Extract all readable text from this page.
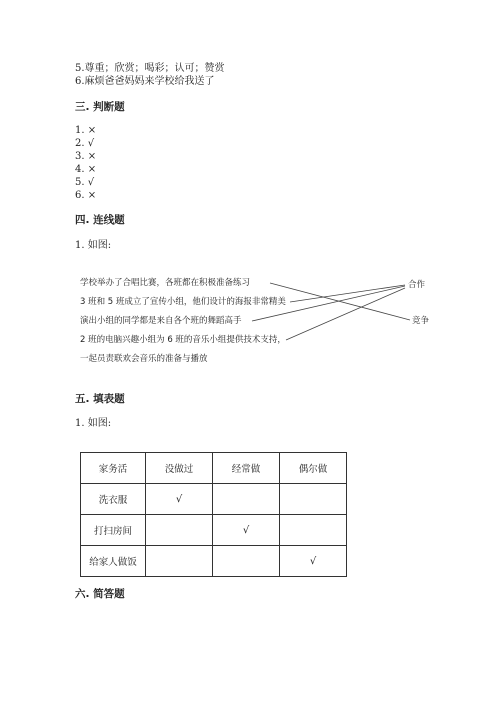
5.尊重；欣赏；喝彩；认可；赞赏
6.麻烦爸爸妈妈来学校给我送了
三. 判断题
1. ×
2. √
3. ×
4. ×
5. √
6. ×
四. 连线题
1. 如图:
学校举办了合唱比赛，各班都在积极准备练习
3 班和 5 班成立了宣传小组，他们设计的海报非常精美
演出小组的同学都是来自各个班的舞蹈高手
2 班的电脑兴趣小组为 6 班的音乐小组提供技术支持，
一起员责联欢会音乐的准备与播放
合作
竞争
五. 填表题
1. 如图:
家务活	没做过	经常做	偶尔做
洗衣服	√		
打扫房间		√	
给家人做饭			√
六. 简答题
